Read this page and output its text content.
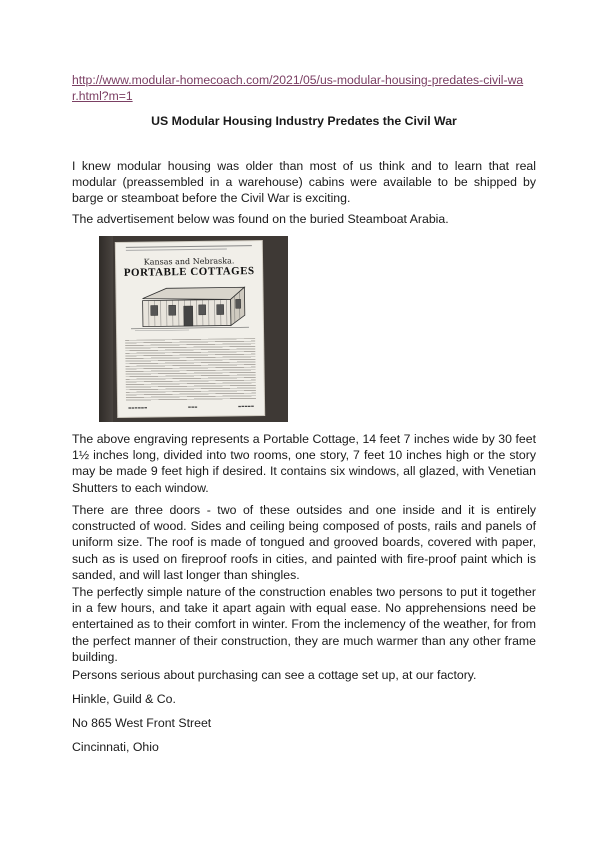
http://www.modular-homecoach.com/2021/05/us-modular-housing-predates-civil-war.html?m=1
US Modular Housing Industry Predates the Civil War

I knew modular housing was older than most of us think and to learn that real modular (preassembled in a warehouse) cabins were available to be shipped by barge or steamboat before the Civil War is exciting.

The advertisement below was found on the buried Steamboat Arabia.

Kansas and Nebraska.
PORTABLE COTTAGES
▬▬▬▬▬▬	▬▬▬	▬▬▬▬▬

The above engraving represents a Portable Cottage, 14 feet 7 inches wide by 30 feet 1½ inches long, divided into two rooms, one story, 7 feet 10 inches high or the story may be made 9 feet high if desired. It contains six windows, all glazed, with Venetian Shutters to each window.

There are three doors - two of these outsides and one inside and it is entirely constructed of wood. Sides and ceiling being composed of posts, rails and panels of uniform size. The roof is made of tongued and grooved boards, covered with paper, such as is used on fireproof roofs in cities, and painted with fire-proof paint which is sanded, and will last longer than shingles.

The perfectly simple nature of the construction enables two persons to put it together in a few hours, and take it apart again with equal ease. No apprehensions need be entertained as to their comfort in winter. From the inclemency of the weather, for from the perfect manner of their construction, they are much warmer than any other frame building.

Persons serious about purchasing can see a cottage set up, at our factory.

Hinkle, Guild & Co.
No 865 West Front Street
Cincinnati, Ohio
